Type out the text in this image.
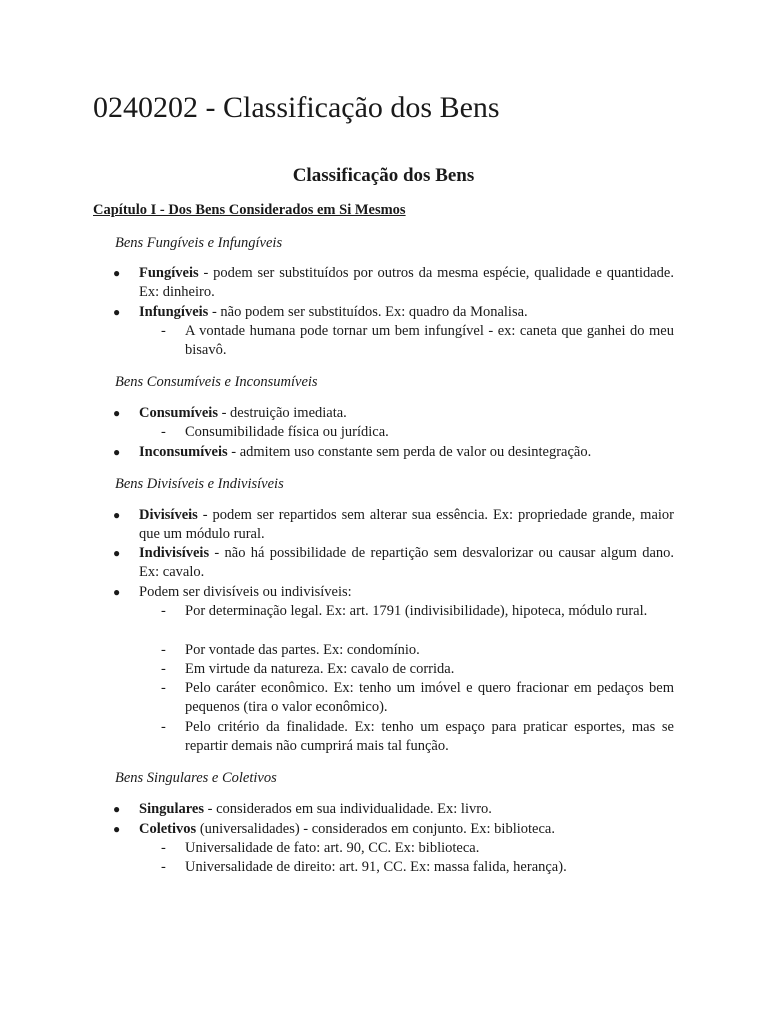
0240202 - Classificação dos Bens
Classificação dos Bens
Capítulo I - Dos Bens Considerados em Si Mesmos

Bens Fungíveis e Infungíveis

● Fungíveis - podem ser substituídos por outros da mesma espécie, qualidade e quantidade. Ex: dinheiro.
● Infungíveis - não podem ser substituídos. Ex: quadro da Monalisa.
- A vontade humana pode tornar um bem infungível - ex: caneta que ganhei do meu bisavô.

Bens Consumíveis e Inconsumíveis

● Consumíveis - destruição imediata.
- Consumibilidade física ou jurídica.
● Inconsumíveis - admitem uso constante sem perda de valor ou desintegração.

Bens Divisíveis e Indivisíveis

● Divisíveis - podem ser repartidos sem alterar sua essência. Ex: propriedade grande, maior que um módulo rural.
● Indivisíveis - não há possibilidade de repartição sem desvalorizar ou causar algum dano. Ex: cavalo.
● Podem ser divisíveis ou indivisíveis:
- Por determinação legal. Ex: art. 1791 (indivisibilidade), hipoteca, módulo rural.
- Por vontade das partes. Ex: condomínio.
- Em virtude da natureza. Ex: cavalo de corrida.
- Pelo caráter econômico. Ex: tenho um imóvel e quero fracionar em pedaços bem pequenos (tira o valor econômico).
- Pelo critério da finalidade. Ex: tenho um espaço para praticar esportes, mas se repartir demais não cumprirá mais tal função.

Bens Singulares e Coletivos

● Singulares - considerados em sua individualidade. Ex: livro.
● Coletivos (universalidades) - considerados em conjunto. Ex: biblioteca.
- Universalidade de fato: art. 90, CC. Ex: biblioteca.
- Universalidade de direito: art. 91, CC. Ex: massa falida, herança).
